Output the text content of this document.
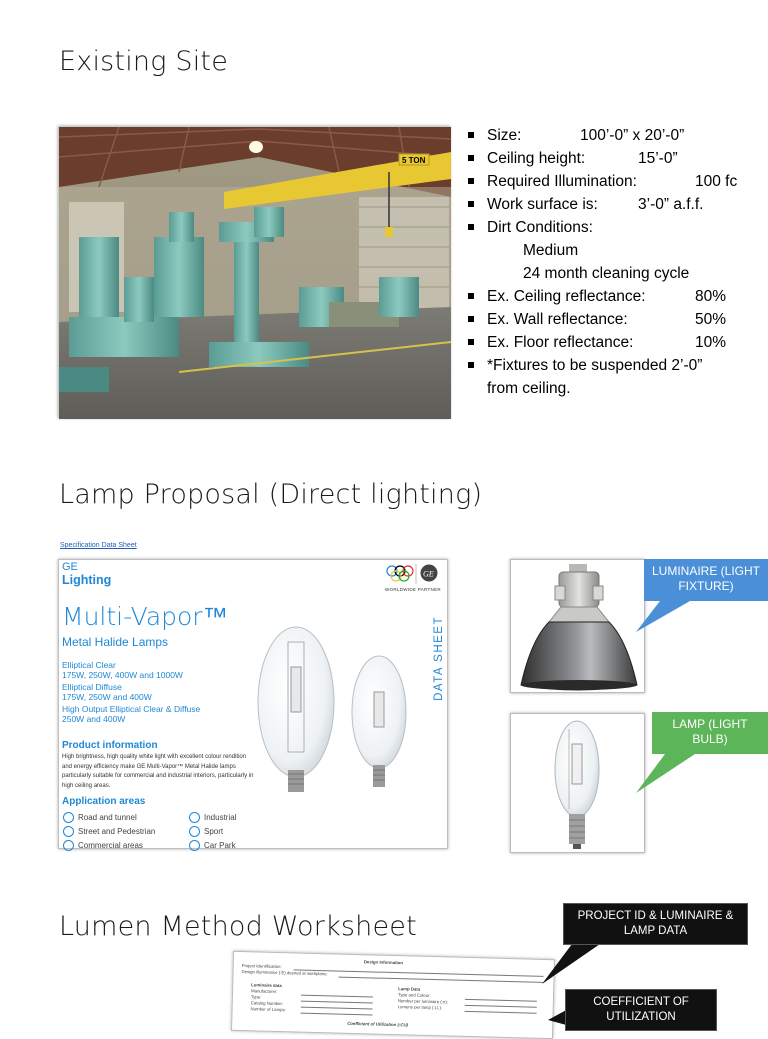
Existing Site
5 TON
Size:	100’-0” x 20’-0”
Ceiling height:	15’-0”
Required Illumination:	100 fc
Work surface is:	3’-0” a.f.f.
Dirt Conditions:
Medium
24 month cleaning cycle
Ex. Ceiling reflectance:	80%
Ex. Wall reflectance:	50%
Ex. Floor reflectance:	10%
*Fixtures to be suspended 2’-0”
from ceiling.
Lamp Proposal (Direct lighting)
Specification Data Sheet
GE
Lighting	GE
WORLDWIDE PARTNER
Multi-Vapor™
Metal Halide Lamps
Elliptical Clear
175W, 250W, 400W and 1000W
Elliptical Diffuse
175W, 250W and 400W
High Output Elliptical Clear & Diffuse
250W and 400W
DATA SHEET
Product information
High brightness, high quality white light with excellent colour rendition and energy efficiency make GE Multi-Vapor™ Metal Halide lamps particularly suitable for commercial and industrial interiors, particularly in high ceiling areas.
Application areas
Road and tunnel	Industrial
Street and Pedestrian	Sport
Commercial areas	Car Park
LUMINAIRE (LIGHT FIXTURE)
LAMP (LIGHT BULB)
Lumen Method Worksheet
Design Information
Project Identification:
Design illuminance (:E) desired at workplane:
Luminaire data
Manufacturer:
Type:
Catalog Number:
Number of Lamps:
Lamp Data
Type and Colour:
Number per luminaire (:n):
Lumens per lamp (:LL):
Coefficient of Utilization (:CU)
PROJECT ID & LUMINAIRE & LAMP DATA
COEFFICIENT OF UTILIZATION
